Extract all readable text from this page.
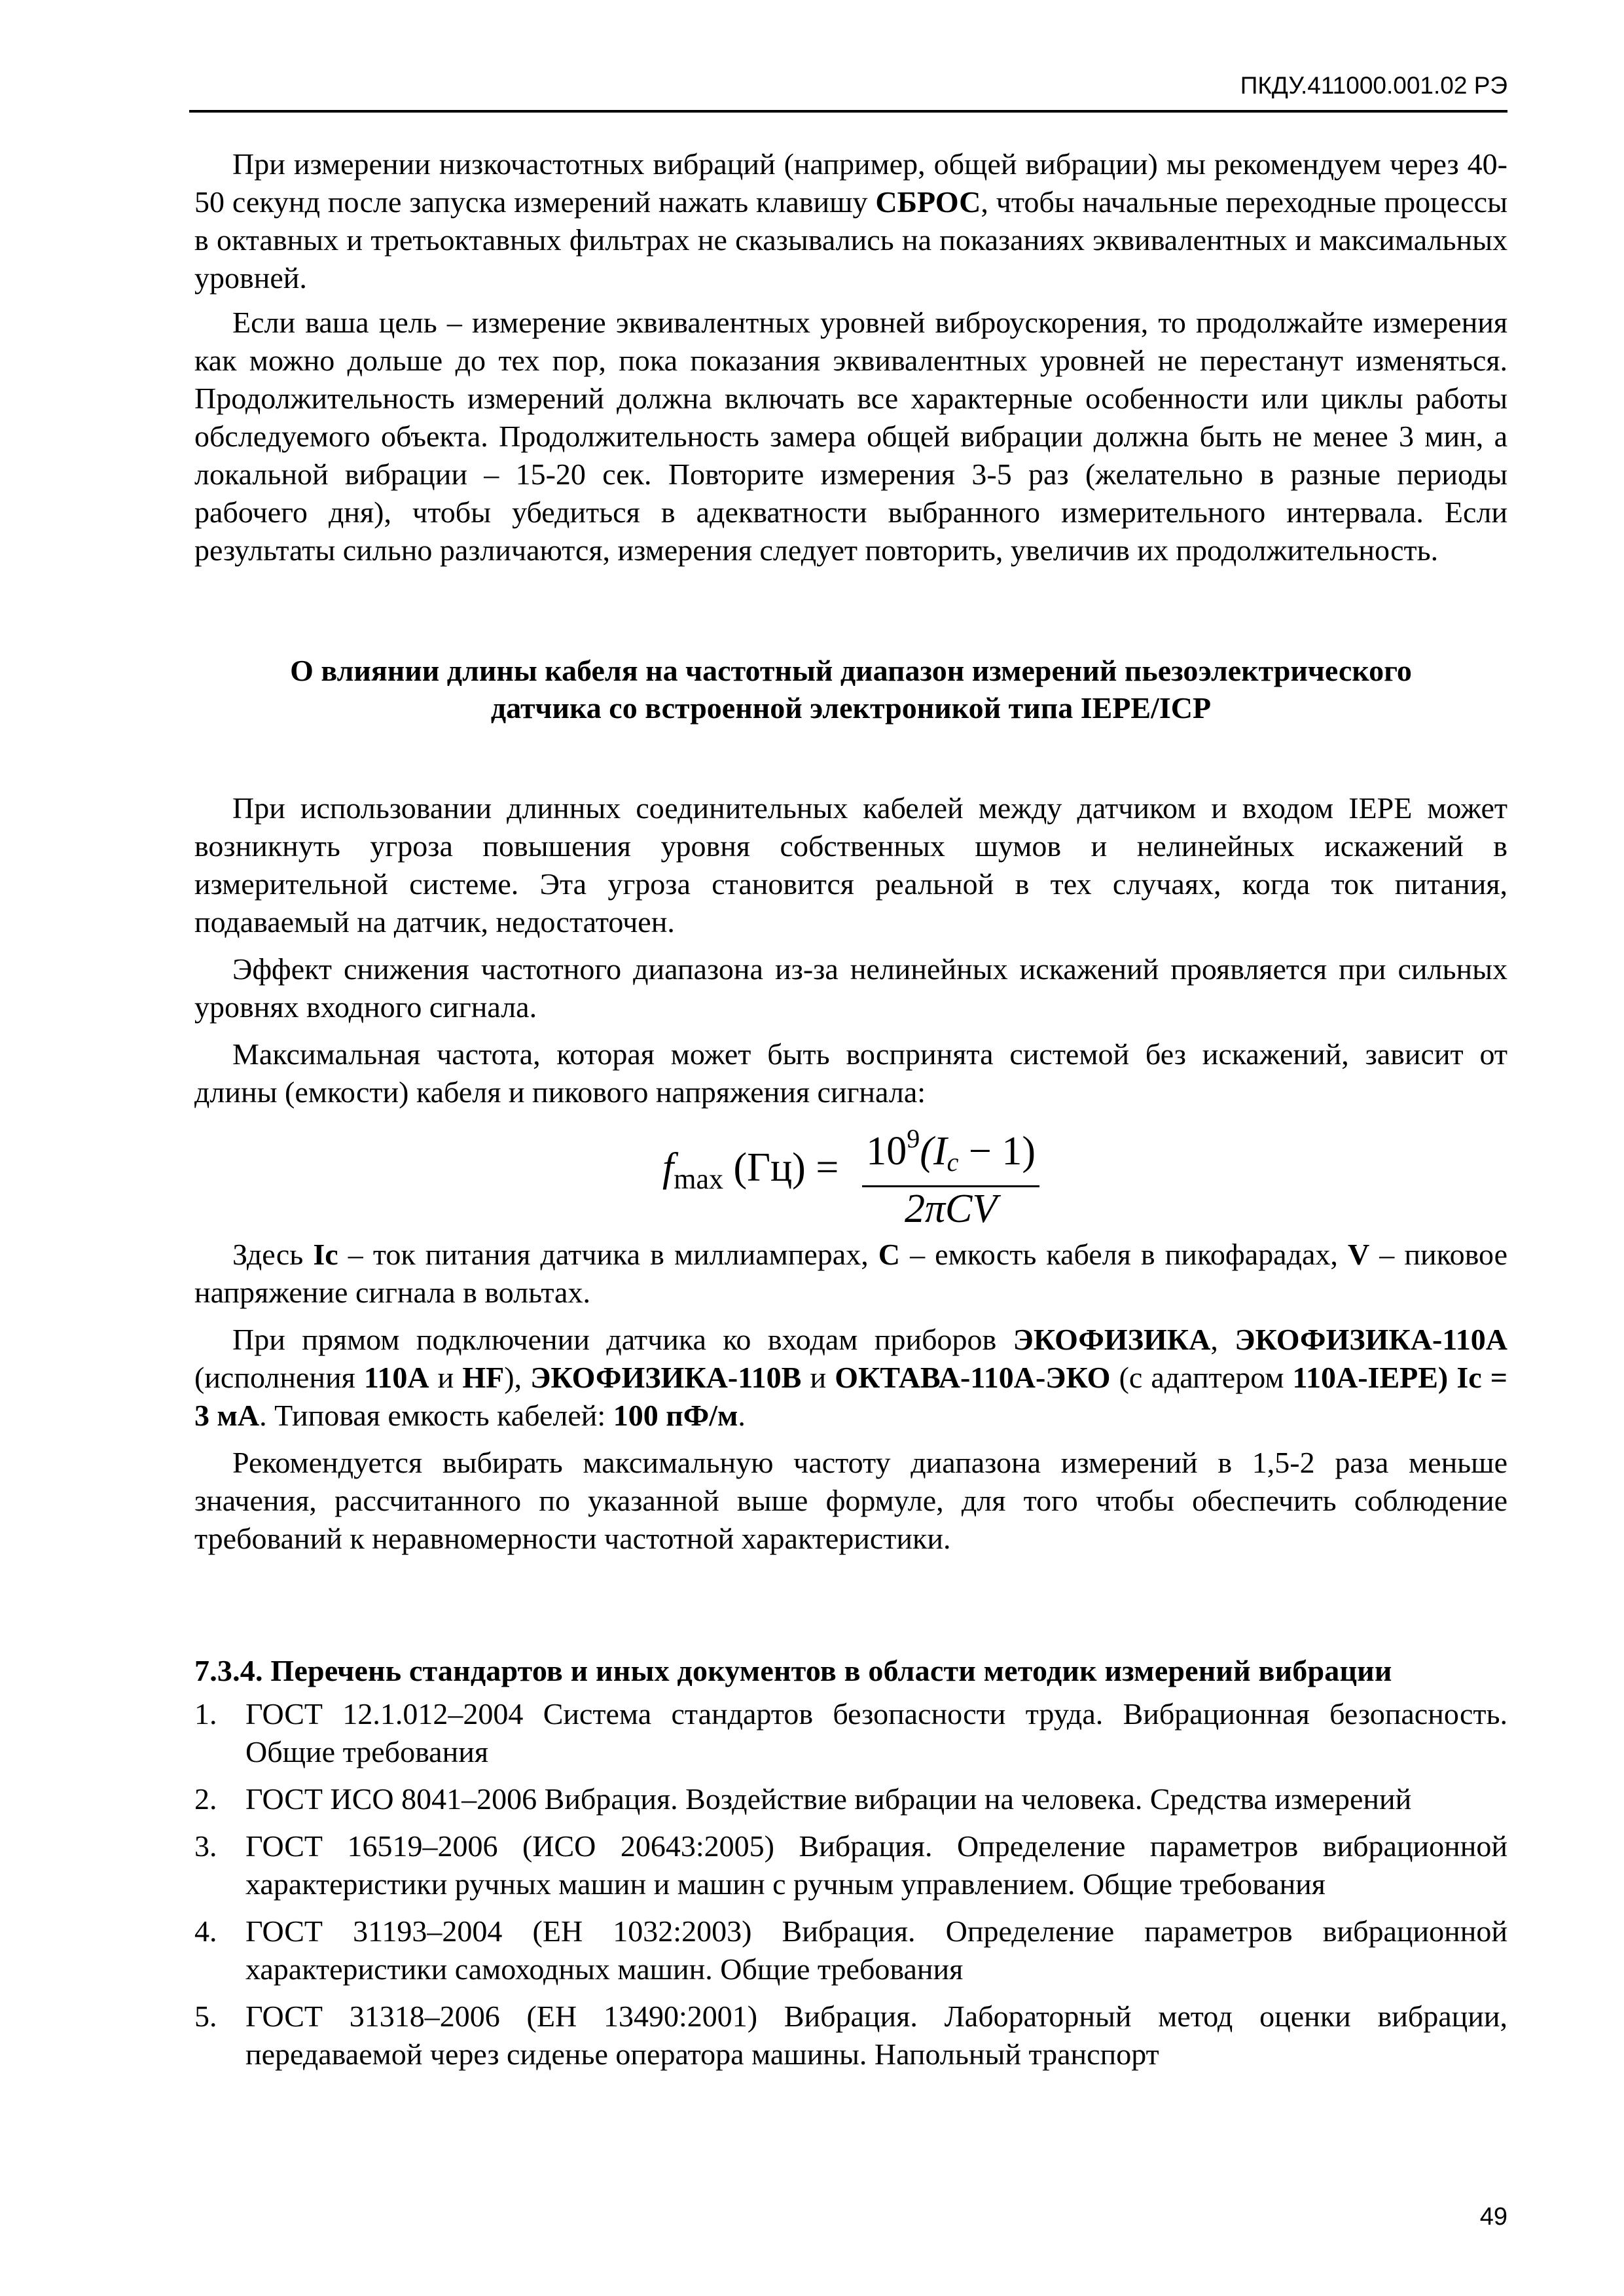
ПКДУ.411000.001.02 РЭ

При измерении низкочастотных вибраций (например, общей вибрации) мы рекомендуем через 40-50 секунд после запуска измерений нажать клавишу СБРОС, чтобы начальные переходные процессы в октавных и третьоктавных фильтрах не сказывались на показаниях эквивалентных и максимальных уровней.

Если ваша цель – измерение эквивалентных уровней виброускорения, то продолжайте измерения как можно дольше до тех пор, пока показания эквивалентных уровней не перестанут изменяться. Продолжительность измерений должна включать все характерные особенности или циклы работы обследуемого объекта. Продолжительность замера общей вибрации должна быть не менее 3 мин, а локальной вибрации – 15-20 сек. Повторите измерения 3-5 раз (желательно в разные периоды рабочего дня), чтобы убедиться в адекватности выбранного измерительного интервала. Если результаты сильно различаются, измерения следует повторить, увеличив их продолжительность.

О влиянии длины кабеля на частотный диапазон измерений пьезоэлектрического
датчика со встроенной электроникой типа IEPE/ICP

При использовании длинных соединительных кабелей между датчиком и входом IEPE может возникнуть угроза повышения уровня собственных шумов и нелинейных искажений в измерительной системе. Эта угроза становится реальной в тех случаях, когда ток питания, подаваемый на датчик, недостаточен.

Эффект снижения частотного диапазона из-за нелинейных искажений проявляется при сильных уровнях входного сигнала.

Максимальная частота, которая может быть воспринята системой без искажений, зависит от длины (емкости) кабеля и пикового напряжения сигнала:

$f_{max}$ $(Гц) = \frac{10^9(Ic - 1)}{\text{2πCV}}$

Здесь Ic – ток питания датчика в миллиамперах, C – емкость кабеля в пикофарадах, V – пиковое напряжение сигнала в вольтах.

При прямом подключении датчика ко входам приборов ЭКОФИЗИКА, ЭКОФИЗИКА-110А (исполнения 110А и HF), ЭКОФИЗИКА-110В и ОКТАВА-110А-ЭКО (с адаптером 110А-IEPE) Ic = 3 мА. Типовая емкость кабелей: 100 пФ/м.

Рекомендуется выбирать максимальную частоту диапазона измерений в 1,5-2 раза меньше значения, рассчитанного по указанной выше формуле, для того чтобы обеспечить соблюдение требований к неравномерности частотной характеристики.

7.3.4. Перечень стандартов и иных документов в области методик измерений вибрации

1. ГОСТ 12.1.012–2004 Система стандартов безопасности труда. Вибрационная безопасность. Общие требования
2. ГОСТ ИСО 8041–2006 Вибрация. Воздействие вибрации на человека. Средства измерений
3. ГОСТ 16519–2006 (ИСО 20643:2005) Вибрация. Определение параметров вибрационной характеристики ручных машин и машин с ручным управлением. Общие требования
4. ГОСТ 31193–2004 (ЕН 1032:2003) Вибрация. Определение параметров вибрационной характеристики самоходных машин. Общие требования
5. ГОСТ 31318–2006 (ЕН 13490:2001) Вибрация. Лабораторный метод оценки вибрации, передаваемой через сиденье оператора машины. Напольный транспорт
49
